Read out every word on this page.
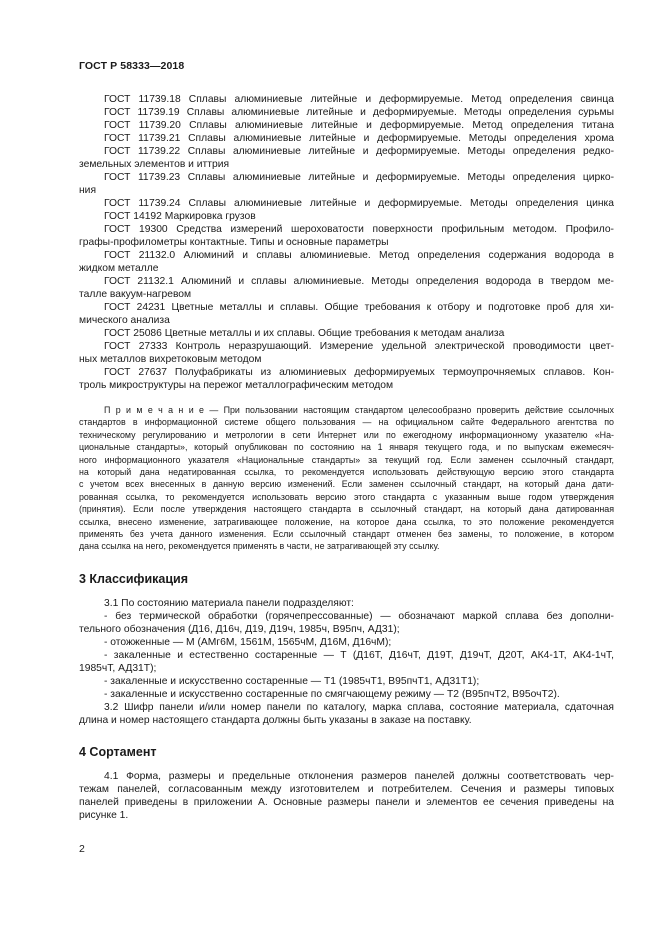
ГОСТ Р 58333—2018
ГОСТ 11739.18 Сплавы алюминиевые литейные и деформируемые. Метод определения свинца
ГОСТ 11739.19 Сплавы алюминиевые литейные и деформируемые. Методы определения сурьмы
ГОСТ 11739.20 Сплавы алюминиевые литейные и деформируемые. Метод определения титана
ГОСТ 11739.21 Сплавы алюминиевые литейные и деформируемые. Методы определения хрома
ГОСТ 11739.22 Сплавы алюминиевые литейные и деформируемые. Методы определения редко-
земельных элементов и иттрия
ГОСТ 11739.23 Сплавы алюминиевые литейные и деформируемые. Методы определения цирко-
ния
ГОСТ 11739.24 Сплавы алюминиевые литейные и деформируемые. Методы определения цинка
ГОСТ 14192 Маркировка грузов
ГОСТ 19300 Средства измерений шероховатости поверхности профильным методом. Профило-
графы-профилометры контактные. Типы и основные параметры
ГОСТ 21132.0 Алюминий и сплавы алюминиевые. Метод определения содержания водорода в
жидком металле
ГОСТ 21132.1 Алюминий и сплавы алюминиевые. Методы определения водорода в твердом ме-
талле вакуум-нагревом
ГОСТ 24231 Цветные металлы и сплавы. Общие требования к отбору и подготовке проб для хи-
мического анализа
ГОСТ 25086 Цветные металлы и их сплавы. Общие требования к методам анализа
ГОСТ 27333 Контроль неразрушающий. Измерение удельной электрической проводимости цвет-
ных металлов вихретоковым методом
ГОСТ 27637 Полуфабрикаты из алюминиевых деформируемых термоупрочняемых сплавов. Кон-
троль микроструктуры на пережог металлографическим методом
П р и м е ч а н и е — При пользовании настоящим стандартом целесообразно проверить действие ссылочных
стандартов в информационной системе общего пользования — на официальном сайте Федерального агентства по
техническому регулированию и метрологии в сети Интернет или по ежегодному информационному указателю «На-
циональные стандарты», который опубликован по состоянию на 1 января текущего года, и по выпускам ежемесяч-
ного информационного указателя «Национальные стандарты» за текущий год. Если заменен ссылочный стандарт,
на который дана недатированная ссылка, то рекомендуется использовать действующую версию этого стандарта
с учетом всех внесенных в данную версию изменений. Если заменен ссылочный стандарт, на который дана дати-
рованная ссылка, то рекомендуется использовать версию этого стандарта с указанным выше годом утверждения
(принятия). Если после утверждения настоящего стандарта в ссылочный стандарт, на который дана датированная
ссылка, внесено изменение, затрагивающее положение, на которое дана ссылка, то это положение рекомендуется
применять без учета данного изменения. Если ссылочный стандарт отменен без замены, то положение, в котором
дана ссылка на него, рекомендуется применять в части, не затрагивающей эту ссылку.
3 Классификация
3.1 По состоянию материала панели подразделяют:
- без термической обработки (горячепрессованные) — обозначают маркой сплава без дополни-
тельного обозначения (Д16, Д16ч, Д19, Д19ч, 1985ч, В95пч, АД31);
- отожженные — М (АМг6М, 1561М, 1565чМ, Д16М, Д16чМ);
- закаленные и естественно состаренные — Т (Д16Т, Д16чТ, Д19Т, Д19чТ, Д20Т, АК4-1Т, АК4-1чТ,
1985чТ, АД31Т);
- закаленные и искусственно состаренные — Т1 (1985чТ1, В95пчТ1, АД31Т1);
- закаленные и искусственно состаренные по смягчающему режиму — Т2 (В95пчТ2, В95очТ2).
3.2 Шифр панели и/или номер панели по каталогу, марка сплава, состояние материала, сдаточная
длина и номер настоящего стандарта должны быть указаны в заказе на поставку.
4 Сортамент
4.1 Форма, размеры и предельные отклонения размеров панелей должны соответствовать чер-
тежам панелей, согласованным между изготовителем и потребителем. Сечения и размеры типовых
панелей приведены в приложении А. Основные размеры панели и элементов ее сечения приведены на
рисунке 1.
2
